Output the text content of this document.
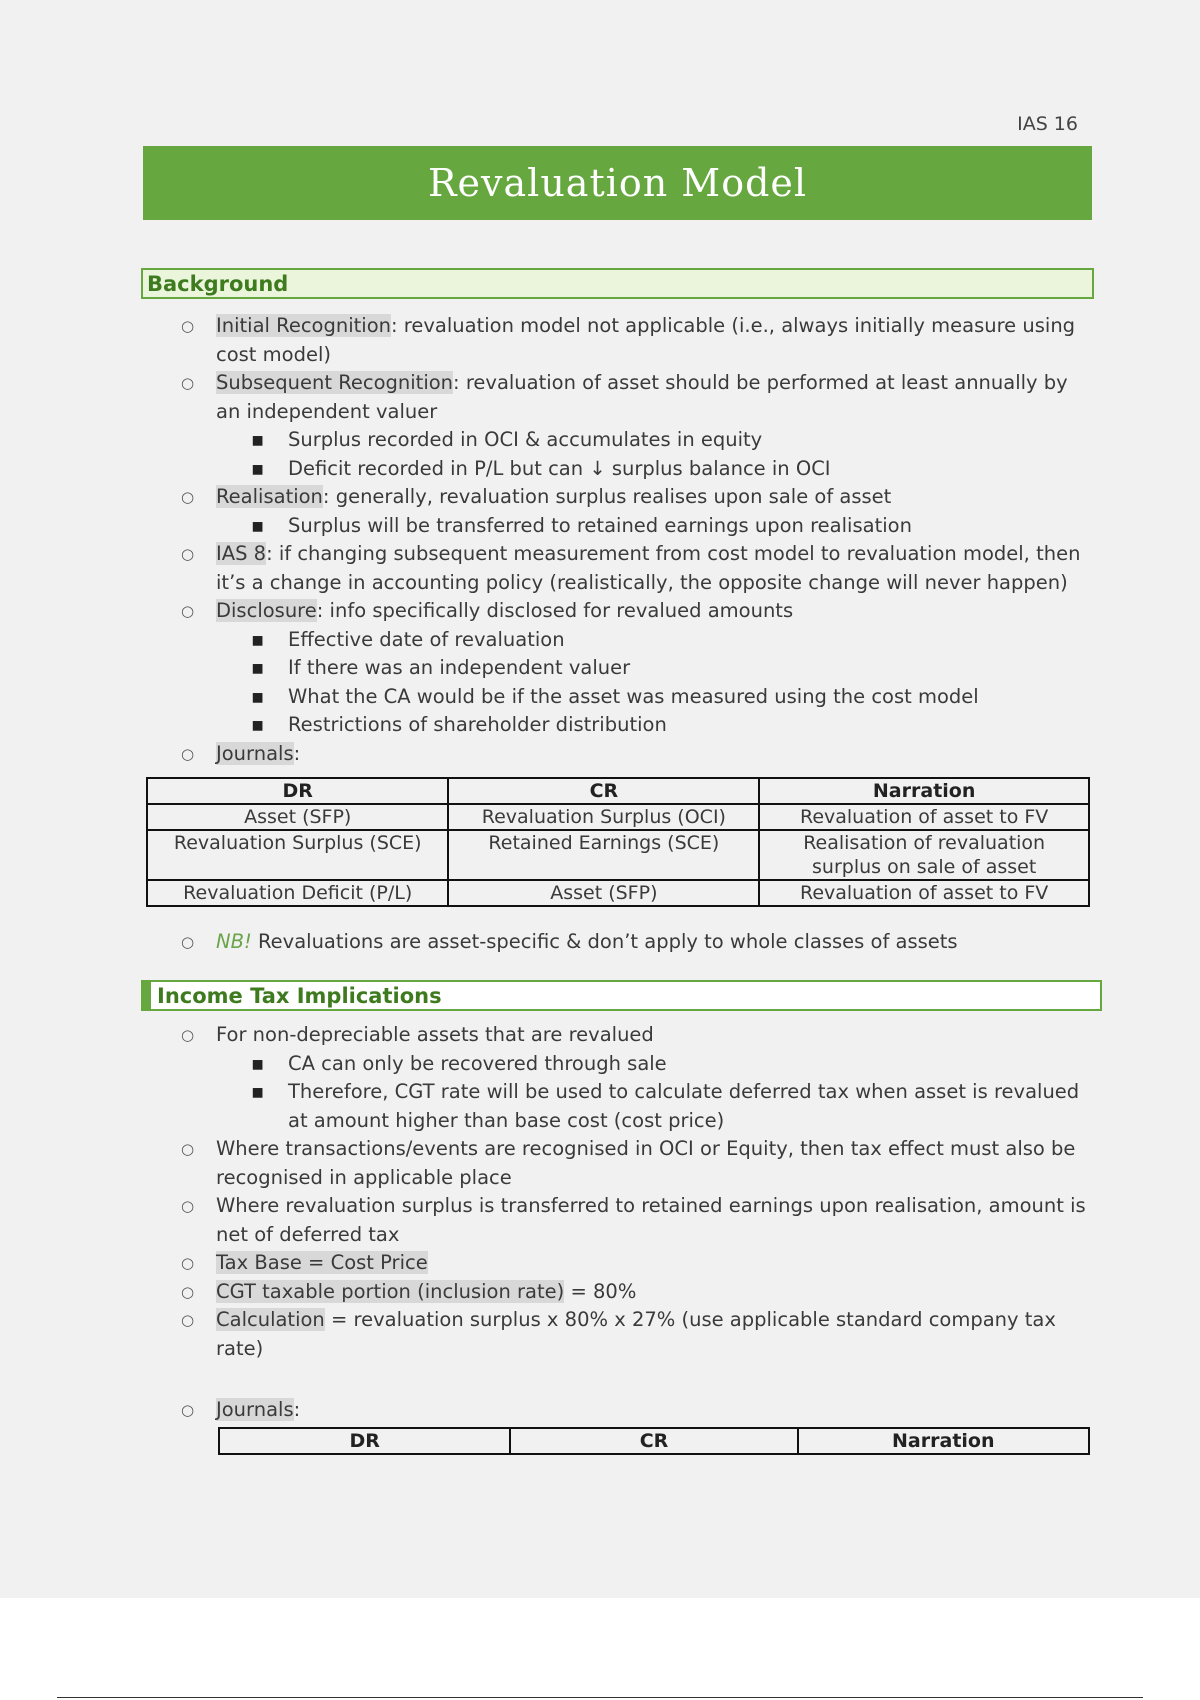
IAS 16
Revaluation Model
Background
○ Initial Recognition: revaluation model not applicable (i.e., always initially measure using cost model)
○ Subsequent Recognition: revaluation of asset should be performed at least annually by an independent valuer
▪ Surplus recorded in OCI & accumulates in equity
▪ Deficit recorded in P/L but can ↓ surplus balance in OCI
○ Realisation: generally, revaluation surplus realises upon sale of asset
▪ Surplus will be transferred to retained earnings upon realisation
○ IAS 8: if changing subsequent measurement from cost model to revaluation model, then it’s a change in accounting policy (realistically, the opposite change will never happen)
○ Disclosure: info specifically disclosed for revalued amounts
▪ Effective date of revaluation
▪ If there was an independent valuer
▪ What the CA would be if the asset was measured using the cost model
▪ Restrictions of shareholder distribution
○ Journals:
DR	CR	Narration
Asset (SFP)	Revaluation Surplus (OCI)	Revaluation of asset to FV
Revaluation Surplus (SCE)	Retained Earnings (SCE)	Realisation of revaluation surplus on sale of asset
Revaluation Deficit (P/L)	Asset (SFP)	Revaluation of asset to FV
○ NB! Revaluations are asset-specific & don’t apply to whole classes of assets
Income Tax Implications
○ For non-depreciable assets that are revalued
▪ CA can only be recovered through sale
▪ Therefore, CGT rate will be used to calculate deferred tax when asset is revalued at amount higher than base cost (cost price)
○ Where transactions/events are recognised in OCI or Equity, then tax effect must also be recognised in applicable place
○ Where revaluation surplus is transferred to retained earnings upon realisation, amount is net of deferred tax
○ Tax Base = Cost Price
○ CGT taxable portion (inclusion rate) = 80%
○ Calculation = revaluation surplus x 80% x 27% (use applicable standard company tax rate)
○ Journals:
DR	CR	Narration
